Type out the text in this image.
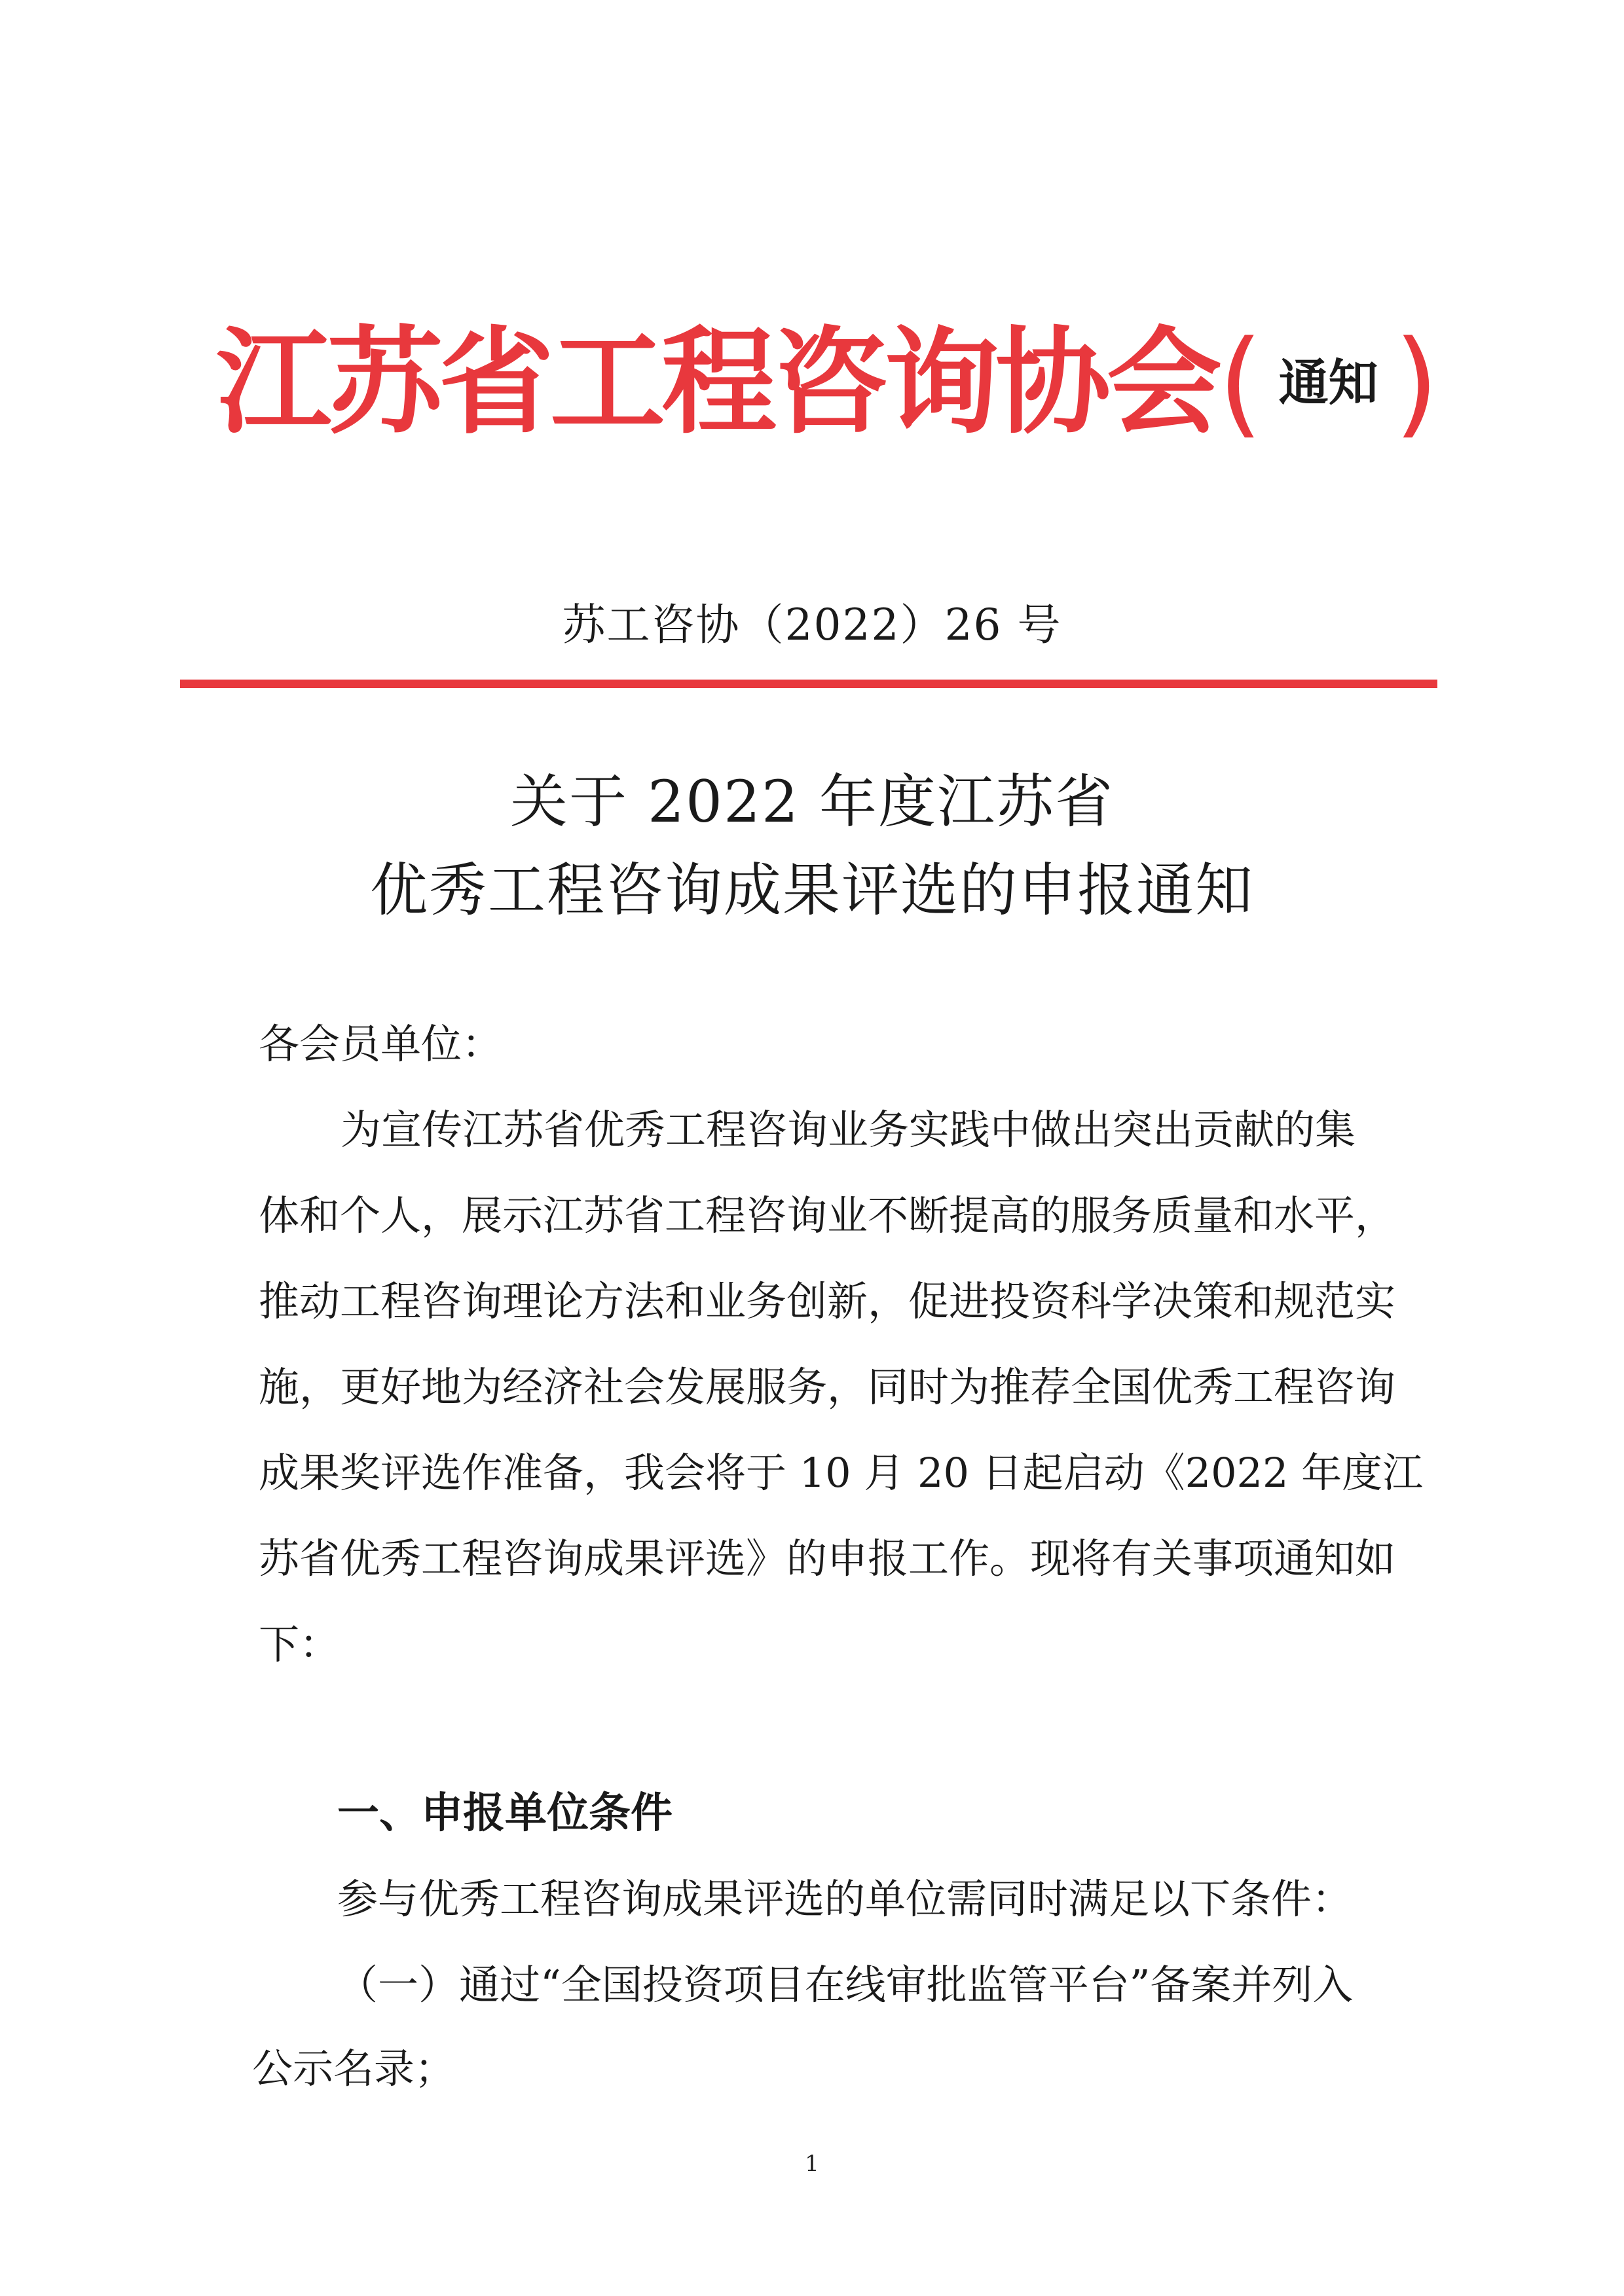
江苏省工程咨询协会( 通知 )
苏工咨协（2022）26 号
关于 2022 年度江苏省
优秀工程咨询成果评选的申报通知
各会员单位：
为宣传江苏省优秀工程咨询业务实践中做出突出贡献的集
体和个人，展示江苏省工程咨询业不断提高的服务质量和水平，
推动工程咨询理论方法和业务创新，促进投资科学决策和规范实
施，更好地为经济社会发展服务，同时为推荐全国优秀工程咨询
成果奖评选作准备，我会将于 10 月 20 日起启动《2022 年度江
苏省优秀工程咨询成果评选》的申报工作。现将有关事项通知如
下：
一、申报单位条件
参与优秀工程咨询成果评选的单位需同时满足以下条件：
（一）通过“全国投资项目在线审批监管平台”备案并列入
公示名录；
1
